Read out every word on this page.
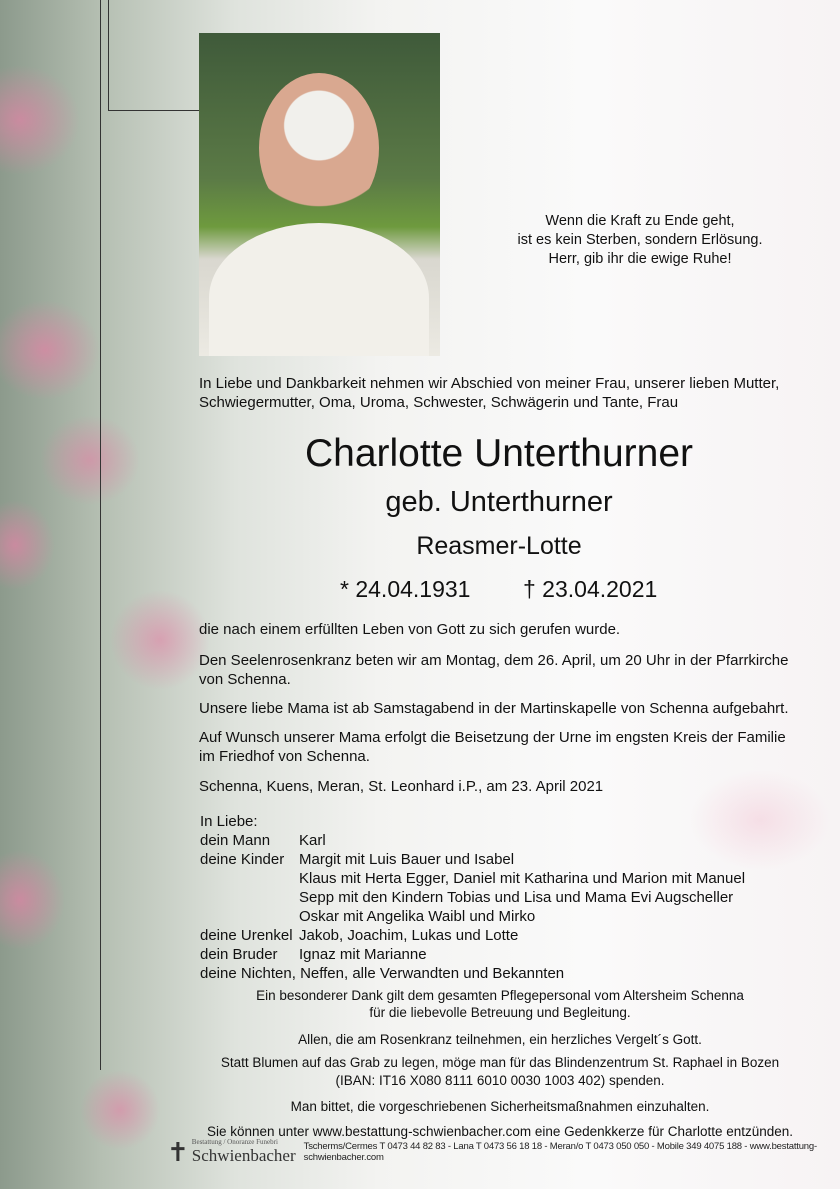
Wenn die Kraft zu Ende geht,
ist es kein Sterben, sondern Erlösung.
Herr, gib ihr die ewige Ruhe!

In Liebe und Dankbarkeit nehmen wir Abschied von meiner Frau, unserer lieben Mutter, Schwiegermutter, Oma, Uroma, Schwester, Schwägerin und Tante, Frau

Charlotte Unterthurner
geb. Unterthurner
Reasmer-Lotte
* 24.04.1931 † 23.04.2021

die nach einem erfüllten Leben von Gott zu sich gerufen wurde.

Den Seelenrosenkranz beten wir am Montag, dem 26. April, um 20 Uhr in der Pfarrkirche von Schenna.

Unsere liebe Mama ist ab Samstagabend in der Martinskapelle von Schenna aufgebahrt.

Auf Wunsch unserer Mama erfolgt die Beisetzung der Urne im engsten Kreis der Familie im Friedhof von Schenna.

Schenna, Kuens, Meran, St. Leonhard i.P., am 23. April 2021

In Liebe:
dein Mann	Karl
deine Kinder Margit mit Luis Bauer und Isabel
Klaus mit Herta Egger, Daniel mit Katharina und Marion mit Manuel
Sepp mit den Kindern Tobias und Lisa und Mama Evi Augscheller
Oskar mit Angelika Waibl und Mirko
deine Urenkel Jakob, Joachim, Lukas und Lotte
dein Bruder	Ignaz mit Marianne
deine Nichten, Neffen, alle Verwandten und Bekannten
Ein besonderer Dank gilt dem gesamten Pflegepersonal vom Altersheim Schenna
für die liebevolle Betreuung und Begleitung.
Allen, die am Rosenkranz teilnehmen, ein herzliches Vergelt´s Gott.
Statt Blumen auf das Grab zu legen, möge man für das Blindenzentrum St. Raphael in Bozen
(IBAN: IT16 X080 8111 6010 0030 1003 402) spenden.
Man bittet, die vorgeschriebenen Sicherheitsmaßnahmen einzuhalten.
Sie können unter www.bestattung-schwienbacher.com eine Gedenkkerze für Charlotte entzünden.
✝ Bestattung / Onoranze Funebri
Schwienbacher Tscherms/Cermes T 0473 44 82 83 - Lana T 0473 56 18 18 - Meran/o T 0473 050 050 - Mobile 349 4075 188 - www.bestattung-schwienbacher.com
